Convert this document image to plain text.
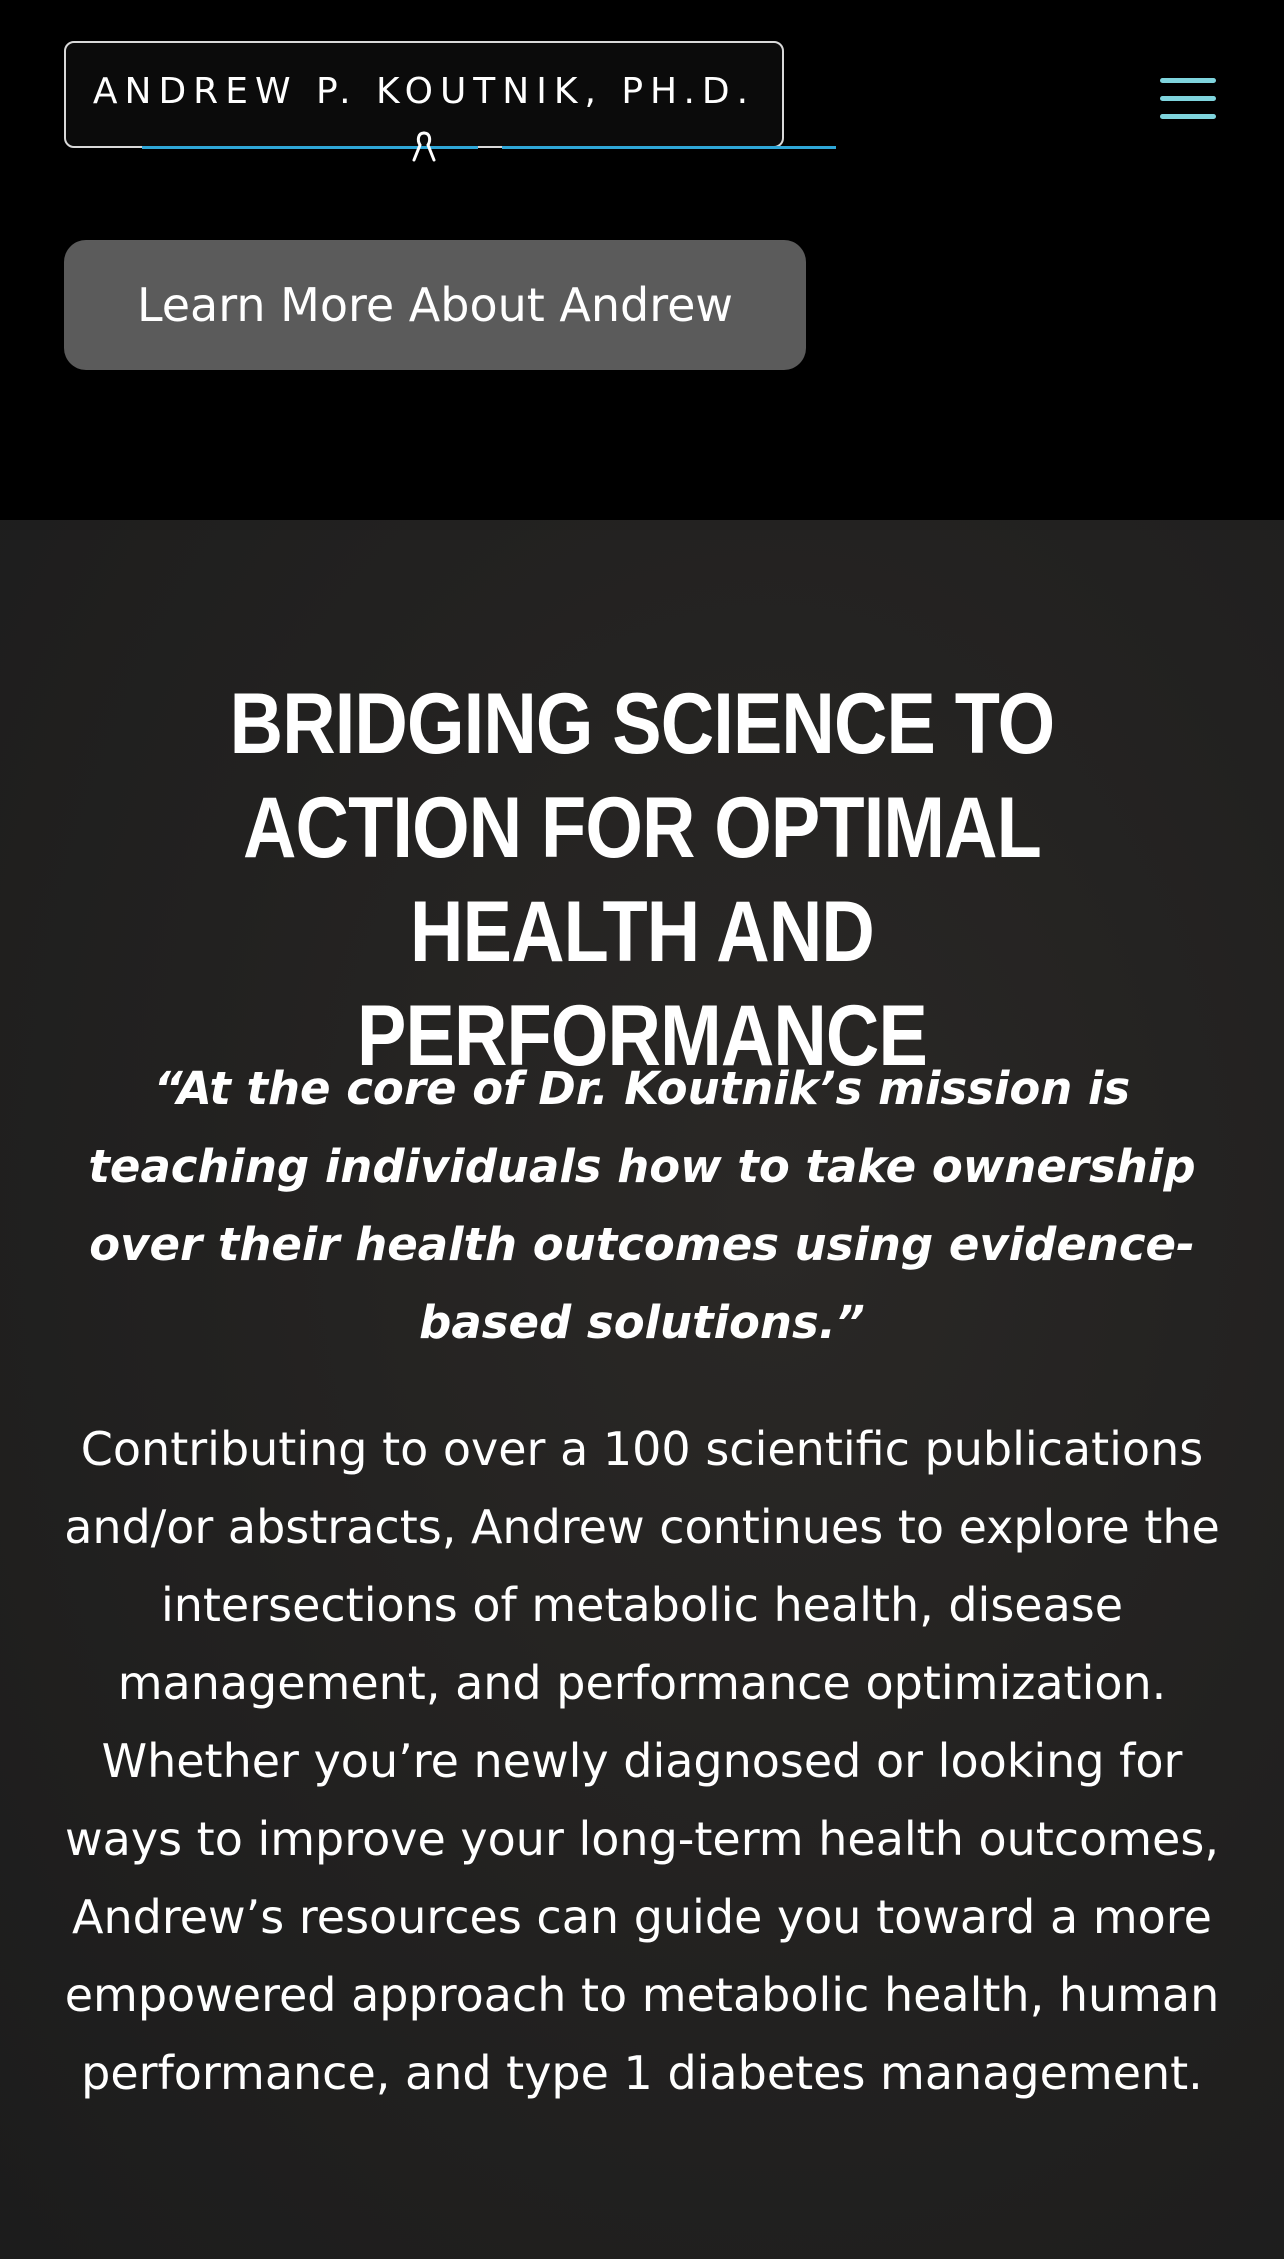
ANDREW P. KOUTNIK, PH.D.
Learn More About Andrew
BRIDGING SCIENCE TO ACTION FOR OPTIMAL HEALTH AND PERFORMANCE

“At the core of Dr. Koutnik’s mission is teaching individuals how to take ownership over their health outcomes using evidence-based solutions.”

Contributing to over a 100 scientific publications and/or abstracts, Andrew continues to explore the intersections of metabolic health, disease management, and performance optimization. Whether you’re newly diagnosed or looking for ways to improve your long-term health outcomes, Andrew’s resources can guide you toward a more empowered approach to metabolic health, human performance, and type 1 diabetes management.
